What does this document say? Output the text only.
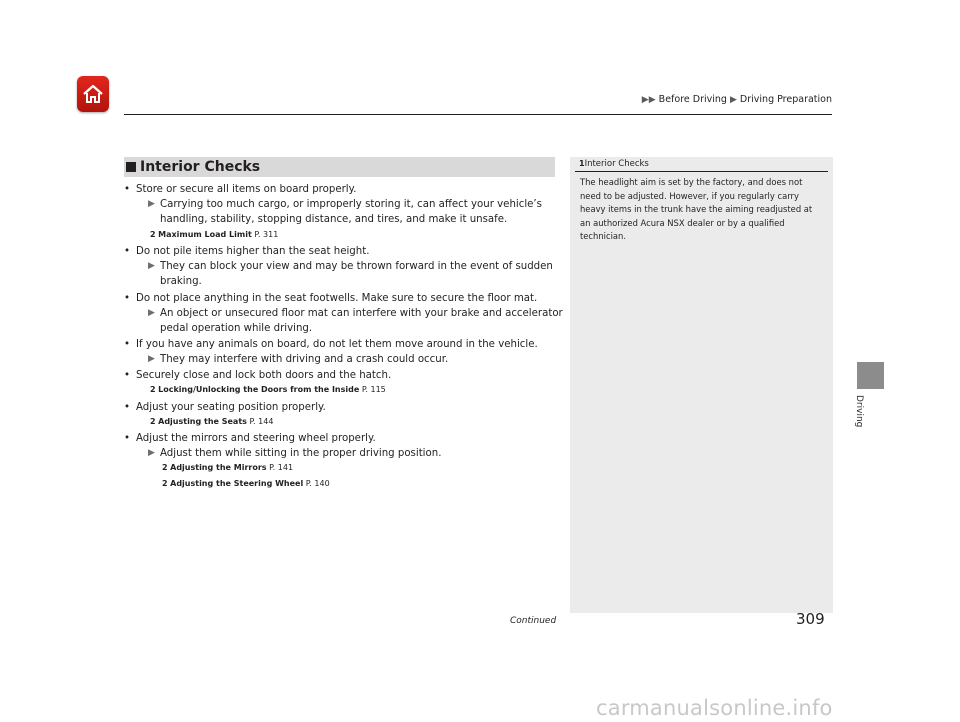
▶▶ Before Driving ▶ Driving Preparation
Interior Checks
• Store or secure all items on board properly.
▶ Carrying too much cargo, or improperly storing it, can affect your vehicle’s handling, stability, stopping distance, and tires, and make it unsafe.
2 Maximum Load Limit P. 311
• Do not pile items higher than the seat height.
▶ They can block your view and may be thrown forward in the event of sudden braking.
• Do not place anything in the seat footwells. Make sure to secure the floor mat.
▶ An object or unsecured floor mat can interfere with your brake and accelerator pedal operation while driving.
• If you have any animals on board, do not let them move around in the vehicle.
▶ They may interfere with driving and a crash could occur.
• Securely close and lock both doors and the hatch.
2 Locking/Unlocking the Doors from the Inside P. 115
• Adjust your seating position properly.
2 Adjusting the Seats P. 144
• Adjust the mirrors and steering wheel properly.
▶ Adjust them while sitting in the proper driving position.
2 Adjusting the Mirrors P. 141
2 Adjusting the Steering Wheel P. 140
1Interior Checks

The headlight aim is set by the factory, and does not need to be adjusted. However, if you regularly carry heavy items in the trunk have the aiming readjusted at an authorized Acura NSX dealer or by a qualified technician.

Driving
Continued	309
carmanualsonline.info
